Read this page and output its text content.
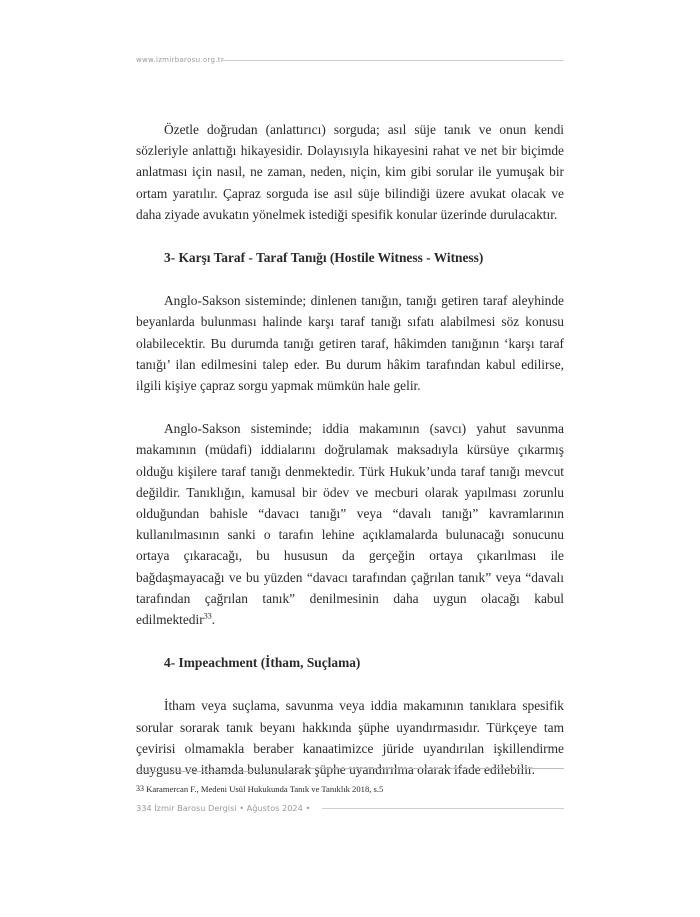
www.izmirbarosu.org.tr

Özetle doğrudan (anlattırıcı) sorguda; asıl süje tanık ve onun kendi sözleriyle anlattığı hikayesidir. Dolayısıyla hikayesini rahat ve net bir biçimde anlatması için nasıl, ne zaman, neden, niçin, kim gibi sorular ile yumuşak bir ortam yaratılır. Çapraz sorguda ise asıl süje bilindiği üzere avukat olacak ve daha ziyade avukatın yönelmek istediği spesifik konular üzerinde durulacaktır.

3- Karşı Taraf - Taraf Tanığı (Hostile Witness - Witness)

Anglo-Sakson sisteminde; dinlenen tanığın, tanığı getiren taraf aleyhinde beyanlarda bulunması halinde karşı taraf tanığı sıfatı alabilmesi söz konusu olabilecektir. Bu durumda tanığı getiren taraf, hâkimden tanığının ‘karşı taraf tanığı’ ilan edilmesini talep eder. Bu durum hâkim tarafından kabul edilirse, ilgili kişiye çapraz sorgu yapmak mümkün hale gelir.

Anglo-Sakson sisteminde; iddia makamının (savcı) yahut savunma makamının (müdafi) iddialarını doğrulamak maksadıyla kürsüye çıkarmış olduğu kişilere taraf tanığı denmektedir. Türk Hukuk’unda taraf tanığı mevcut değildir. Tanıklığın, kamusal bir ödev ve mecburi olarak yapılması zorunlu olduğundan bahisle “davacı tanığı” veya “davalı tanığı” kavramlarının kullanılmasının sanki o tarafın lehine açıklamalarda bulunacağı sonucunu ortaya çıkaracağı, bu hususun da gerçeğin ortaya çıkarılması ile bağdaşmayacağı ve bu yüzden “davacı tarafından çağrılan tanık” veya “davalı tarafından çağrılan tanık” denilmesinin daha uygun olacağı kabul edilmektedir$^{33}$.

4- Impeachment (İtham, Suçlama)

İtham veya suçlama, savunma veya iddia makamının tanıklara spesifik sorular sorarak tanık beyanı hakkında şüphe uyandırmasıdır. Türkçeye tam çevirisi olmamakla beraber kanaatimizce jüride uyandırılan işkillendirme duygusu ve ithamda bulunularak şüphe uyandırılma olarak ifade edilebilir.

33 Karamercan F., Medeni Usül Hukukunda Tanık ve Tanıklık 2018, s.5
334 İzmir Barosu Dergisi • Ağustos 2024 •
